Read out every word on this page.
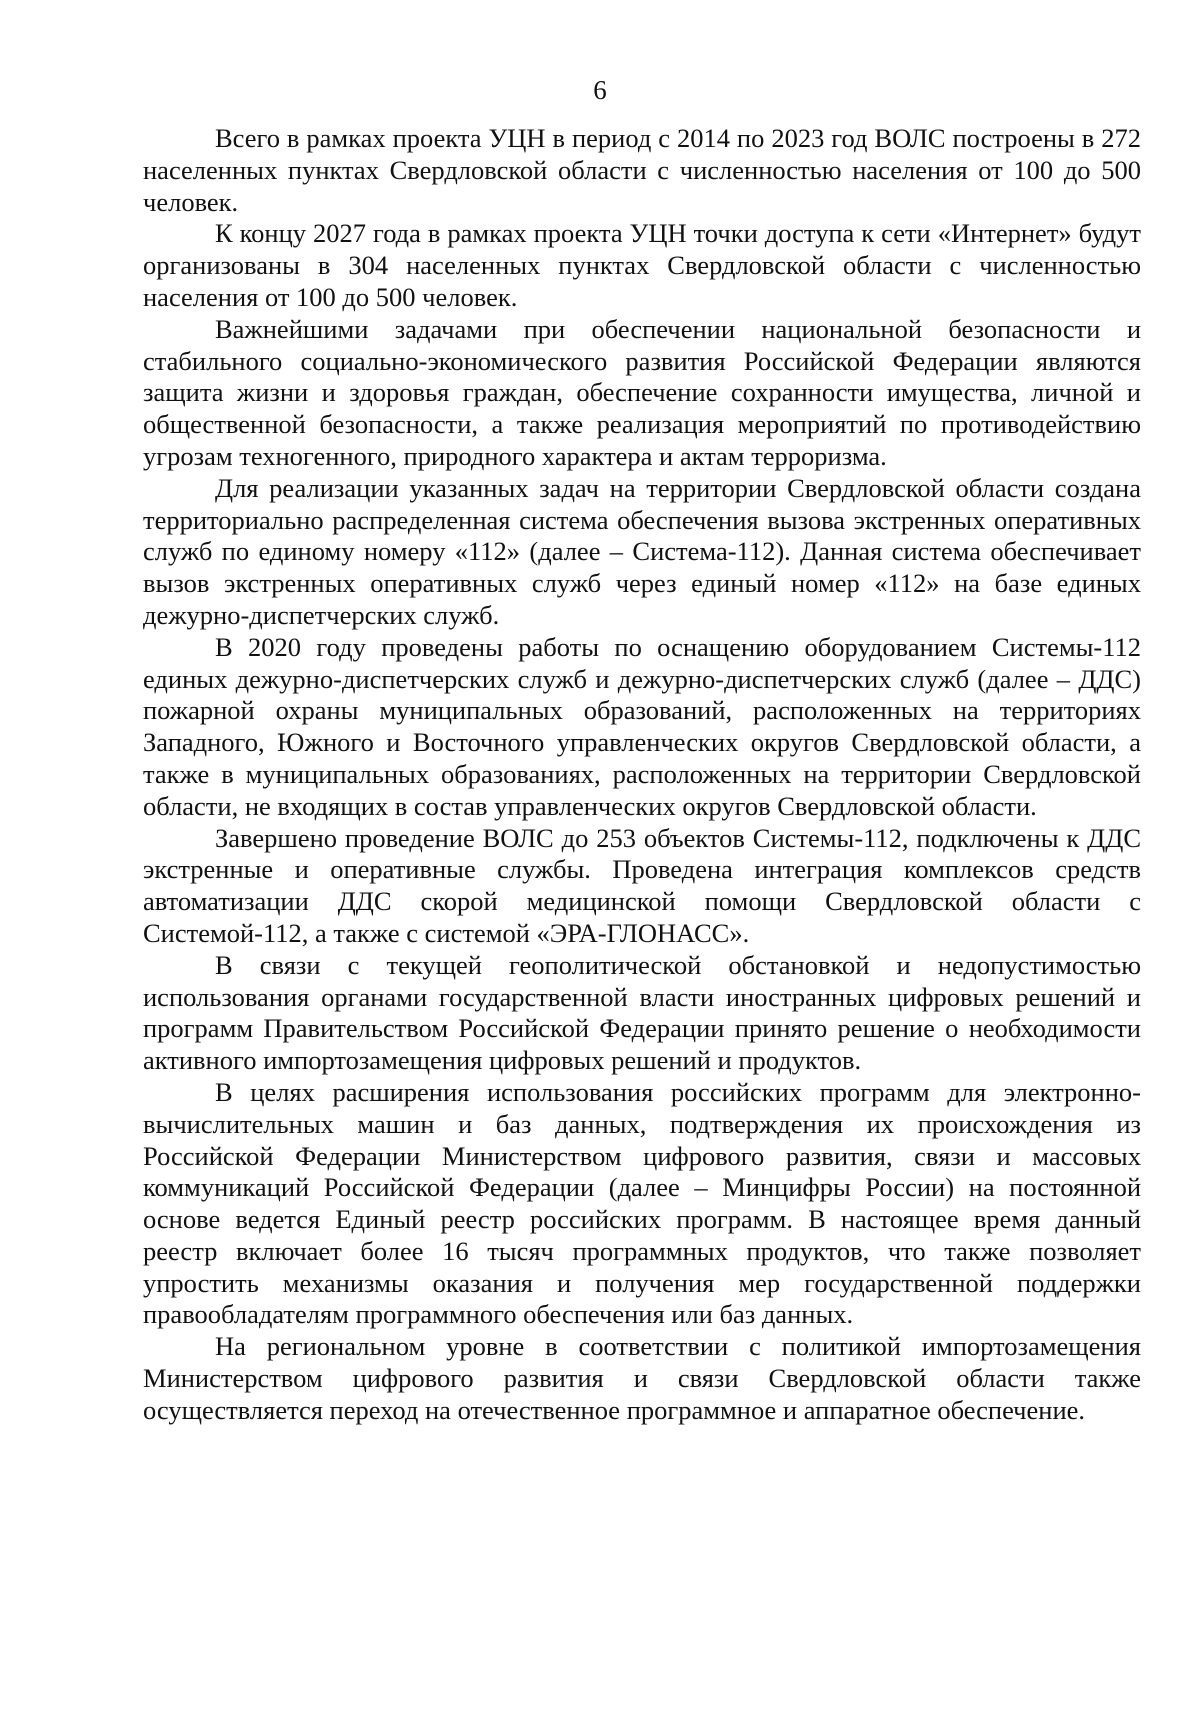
6

Всего в рамках проекта УЦН в период с 2014 по 2023 год ВОЛС построены в 272 населенных пунктах Свердловской области с численностью населения от 100 до 500 человек.

К концу 2027 года в рамках проекта УЦН точки доступа к сети «Интернет» будут организованы в 304 населенных пунктах Свердловской области с численностью населения от 100 до 500 человек.

Важнейшими задачами при обеспечении национальной безопасности и стабильного социально-экономического развития Российской Федерации являются защита жизни и здоровья граждан, обеспечение сохранности имущества, личной и общественной безопасности, а также реализация мероприятий по противодействию угрозам техногенного, природного характера и актам терроризма.

Для реализации указанных задач на территории Свердловской области создана территориально распределенная система обеспечения вызова экстренных оперативных служб по единому номеру «112» (далее – Система-112). Данная система обеспечивает вызов экстренных оперативных служб через единый номер «112» на базе единых дежурно-диспетчерских служб.

В 2020 году проведены работы по оснащению оборудованием Системы-112 единых дежурно-диспетчерских служб и дежурно-диспетчерских служб (далее – ДДС) пожарной охраны муниципальных образований, расположенных на территориях Западного, Южного и Восточного управленческих округов Свердловской области, а также в муниципальных образованиях, расположенных на территории Свердловской области, не входящих в состав управленческих округов Свердловской области.

Завершено проведение ВОЛС до 253 объектов Системы-112, подключены к ДДС экстренные и оперативные службы. Проведена интеграция комплексов средств автоматизации ДДС скорой медицинской помощи Свердловской области с Системой-112, а также с системой «ЭРА-ГЛОНАСС».

В связи с текущей геополитической обстановкой и недопустимостью использования органами государственной власти иностранных цифровых решений и программ Правительством Российской Федерации принято решение о необходимости активного импортозамещения цифровых решений и продуктов.

В целях расширения использования российских программ для электронно-вычислительных машин и баз данных, подтверждения их происхождения из Российской Федерации Министерством цифрового развития, связи и массовых коммуникаций Российской Федерации (далее – Минцифры России) на постоянной основе ведется Единый реестр российских программ. В настоящее время данный реестр включает более 16 тысяч программных продуктов, что также позволяет упростить механизмы оказания и получения мер государственной поддержки правообладателям программного обеспечения или баз данных.

На региональном уровне в соответствии с политикой импортозамещения Министерством цифрового развития и связи Свердловской области также осуществляется переход на отечественное программное и аппаратное обеспечение.
